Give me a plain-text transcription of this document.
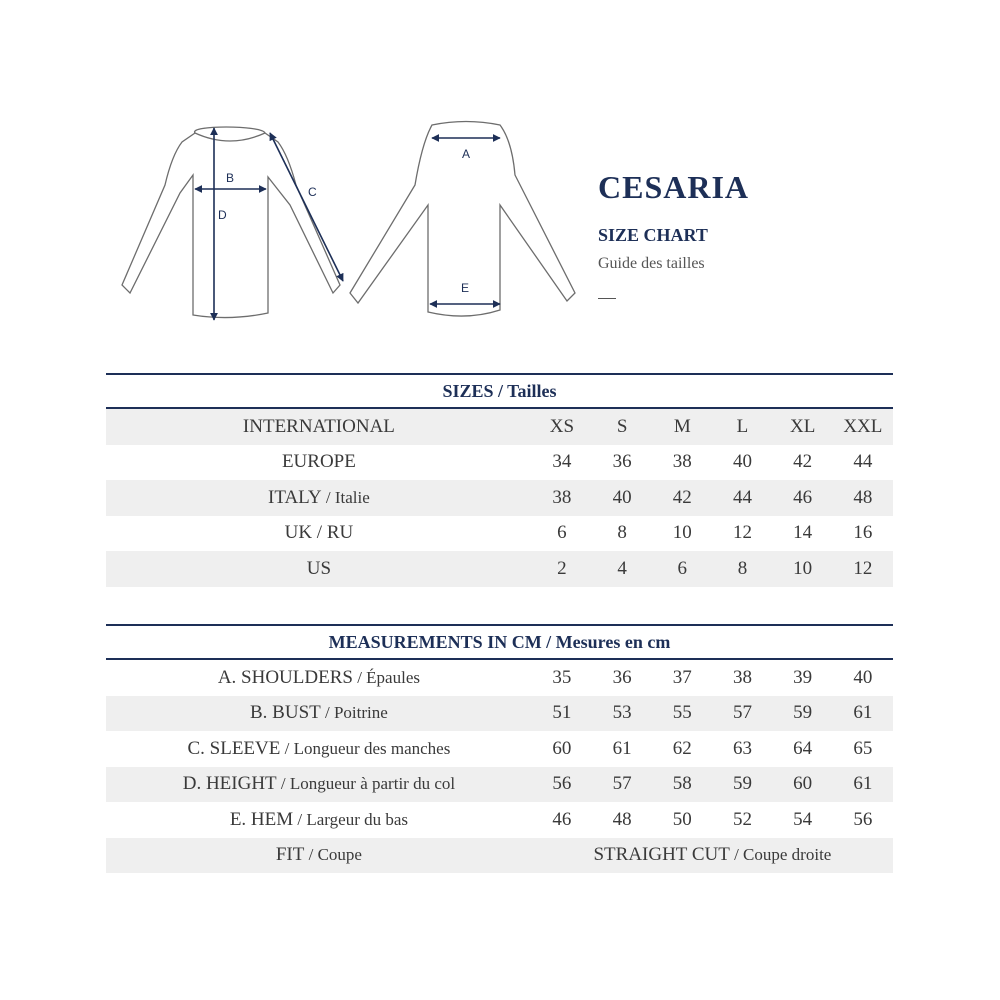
B
D
C
A
E
CESARIA
SIZE CHART
Guide des tailles
SIZES / Tailles
INTERNATIONAL	XS	S	M	L	XL	XXL
EUROPE	34	36	38	40	42	44
ITALY / Italie	38	40	42	44	46	48
UK / RU	6	8	10	12	14	16
US	2	4	6	8	10	12
MEASUREMENTS IN CM / Mesures en cm
A. SHOULDERS / Épaules	35	36	37	38	39	40
B. BUST / Poitrine	51	53	55	57	59	61
C. SLEEVE / Longueur des manches	60	61	62	63	64	65
D. HEIGHT / Longueur à partir du col	56	57	58	59	60	61
E. HEM / Largeur du bas	46	48	50	52	54	56
FIT / Coupe	STRAIGHT CUT / Coupe droite
